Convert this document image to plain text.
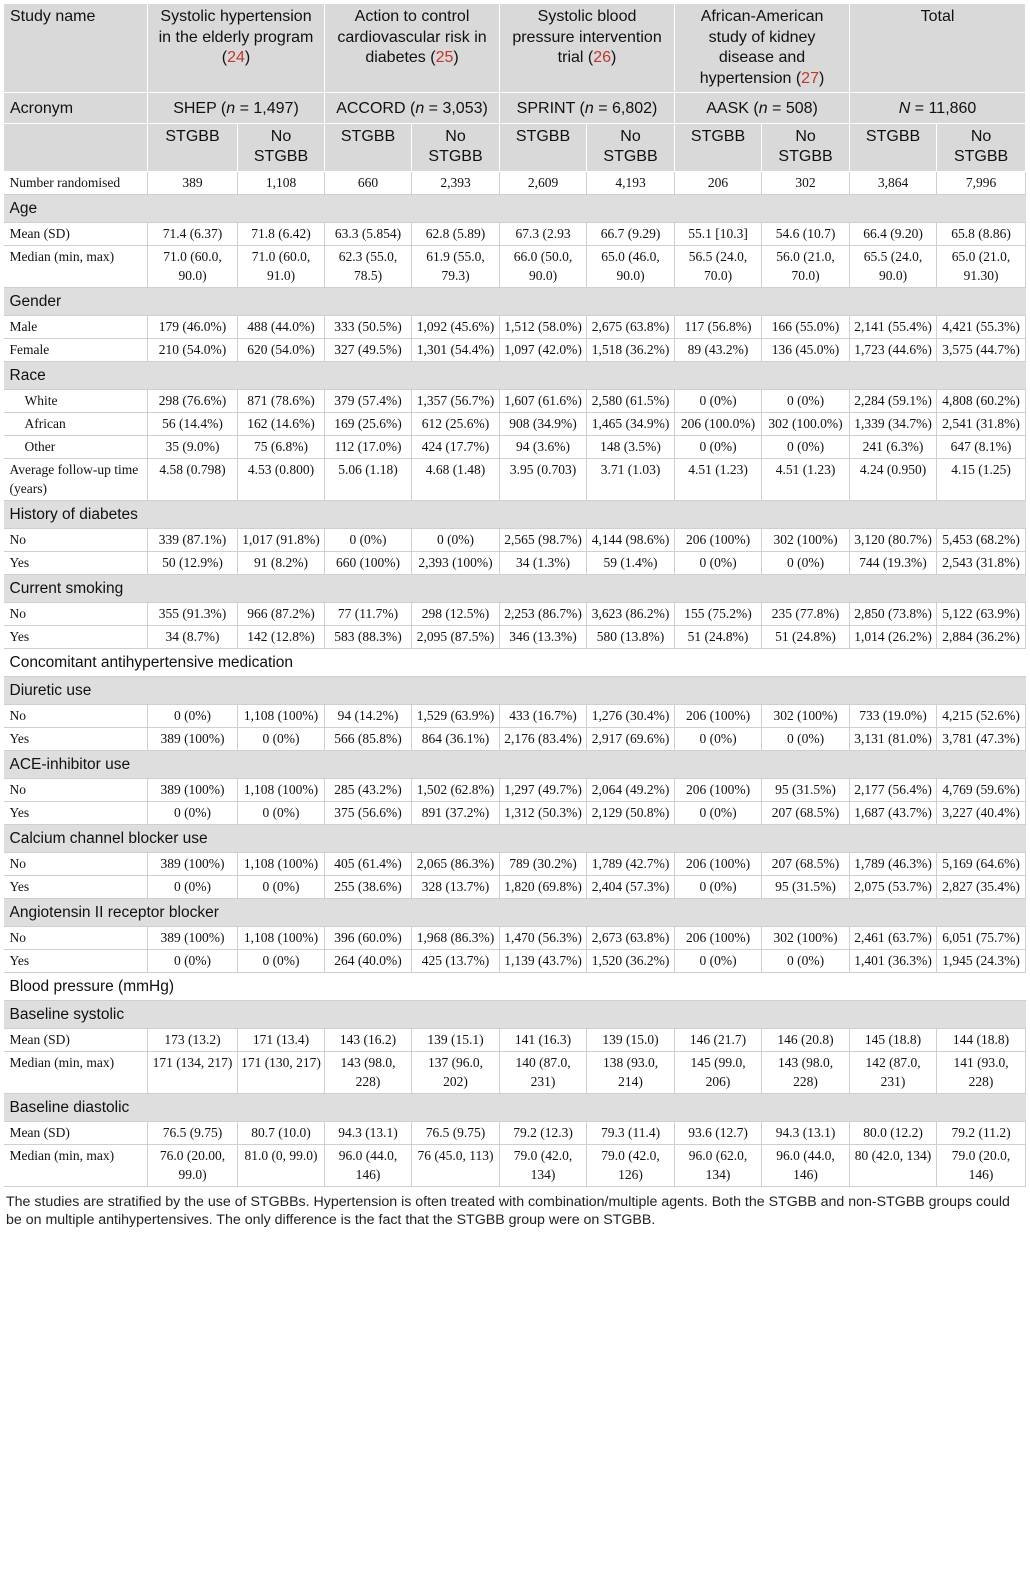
Study name	Systolic hypertension in the elderly program (24)		Action to control cardiovascular risk in diabetes (25)		Systolic blood pressure intervention trial (26)		African-American study of kidney disease and hypertension (27)		Total	
Acronym	SHEP (n = 1,497)		ACCORD (n = 3,053)		SPRINT (n = 6,802)		AASK (n = 508)		N = 11,860	
	STGBB	No STGBB	STGBB	No STGBB	STGBB	No STGBB	STGBB	No STGBB	STGBB	No STGBB
Number randomised	389	1,108	660	2,393	2,609	4,193	206	302	3,864	7,996
Age										
Mean (SD)	71.4 (6.37)	71.8 (6.42)	63.3 (5.854)	62.8 (5.89)	67.3 (2.93	66.7 (9.29)	55.1 [10.3]	54.6 (10.7)	66.4 (9.20)	65.8 (8.86)
Median (min, max)	71.0 (60.0, 90.0)	71.0 (60.0, 91.0)	62.3 (55.0, 78.5)	61.9 (55.0, 79.3)	66.0 (50.0, 90.0)	65.0 (46.0, 90.0)	56.5 (24.0, 70.0)	56.0 (21.0, 70.0)	65.5 (24.0, 90.0)	65.0 (21.0, 91.30)
Gender										
Male	179 (46.0%)	488 (44.0%)	333 (50.5%)	1,092 (45.6%)	1,512 (58.0%)	2,675 (63.8%)	117 (56.8%)	166 (55.0%)	2,141 (55.4%)	4,421 (55.3%)
Female	210 (54.0%)	620 (54.0%)	327 (49.5%)	1,301 (54.4%)	1,097 (42.0%)	1,518 (36.2%)	89 (43.2%)	136 (45.0%)	1,723 (44.6%)	3,575 (44.7%)
Race										
White	298 (76.6%)	871 (78.6%)	379 (57.4%)	1,357 (56.7%)	1,607 (61.6%)	2,580 (61.5%)	0 (0%)	0 (0%)	2,284 (59.1%)	4,808 (60.2%)
African	56 (14.4%)	162 (14.6%)	169 (25.6%)	612 (25.6%)	908 (34.9%)	1,465 (34.9%)	206 (100.0%)	302 (100.0%)	1,339 (34.7%)	2,541 (31.8%)
Other	35 (9.0%)	75 (6.8%)	112 (17.0%)	424 (17.7%)	94 (3.6%)	148 (3.5%)	0 (0%)	0 (0%)	241 (6.3%)	647 (8.1%)
Average follow-up time (years)	4.58 (0.798)	4.53 (0.800)	5.06 (1.18)	4.68 (1.48)	3.95 (0.703)	3.71 (1.03)	4.51 (1.23)	4.51 (1.23)	4.24 (0.950)	4.15 (1.25)
History of diabetes										
No	339 (87.1%)	1,017 (91.8%)	0 (0%)	0 (0%)	2,565 (98.7%)	4,144 (98.6%)	206 (100%)	302 (100%)	3,120 (80.7%)	5,453 (68.2%)
Yes	50 (12.9%)	91 (8.2%)	660 (100%)	2,393 (100%)	34 (1.3%)	59 (1.4%)	0 (0%)	0 (0%)	744 (19.3%)	2,543 (31.8%)
Current smoking										
No	355 (91.3%)	966 (87.2%)	77 (11.7%)	298 (12.5%)	2,253 (86.7%)	3,623 (86.2%)	155 (75.2%)	235 (77.8%)	2,850 (73.8%)	5,122 (63.9%)
Yes	34 (8.7%)	142 (12.8%)	583 (88.3%)	2,095 (87.5%)	346 (13.3%)	580 (13.8%)	51 (24.8%)	51 (24.8%)	1,014 (26.2%)	2,884 (36.2%)
Concomitant antihypertensive medication										
Diuretic use										
No	0 (0%)	1,108 (100%)	94 (14.2%)	1,529 (63.9%)	433 (16.7%)	1,276 (30.4%)	206 (100%)	302 (100%)	733 (19.0%)	4,215 (52.6%)
Yes	389 (100%)	0 (0%)	566 (85.8%)	864 (36.1%)	2,176 (83.4%)	2,917 (69.6%)	0 (0%)	0 (0%)	3,131 (81.0%)	3,781 (47.3%)
ACE-inhibitor use										
No	389 (100%)	1,108 (100%)	285 (43.2%)	1,502 (62.8%)	1,297 (49.7%)	2,064 (49.2%)	206 (100%)	95 (31.5%)	2,177 (56.4%)	4,769 (59.6%)
Yes	0 (0%)	0 (0%)	375 (56.6%)	891 (37.2%)	1,312 (50.3%)	2,129 (50.8%)	0 (0%)	207 (68.5%)	1,687 (43.7%)	3,227 (40.4%)
Calcium channel blocker use										
No	389 (100%)	1,108 (100%)	405 (61.4%)	2,065 (86.3%)	789 (30.2%)	1,789 (42.7%)	206 (100%)	207 (68.5%)	1,789 (46.3%)	5,169 (64.6%)
Yes	0 (0%)	0 (0%)	255 (38.6%)	328 (13.7%)	1,820 (69.8%)	2,404 (57.3%)	0 (0%)	95 (31.5%)	2,075 (53.7%)	2,827 (35.4%)
Angiotensin II receptor blocker										
No	389 (100%)	1,108 (100%)	396 (60.0%)	1,968 (86.3%)	1,470 (56.3%)	2,673 (63.8%)	206 (100%)	302 (100%)	2,461 (63.7%)	6,051 (75.7%)
Yes	0 (0%)	0 (0%)	264 (40.0%)	425 (13.7%)	1,139 (43.7%)	1,520 (36.2%)	0 (0%)	0 (0%)	1,401 (36.3%)	1,945 (24.3%)
Blood pressure (mmHg)										
Baseline systolic										
Mean (SD)	173 (13.2)	171 (13.4)	143 (16.2)	139 (15.1)	141 (16.3)	139 (15.0)	146 (21.7)	146 (20.8)	145 (18.8)	144 (18.8)
Median (min, max)	171 (134, 217)	171 (130, 217)	143 (98.0, 228)	137 (96.0, 202)	140 (87.0, 231)	138 (93.0, 214)	145 (99.0, 206)	143 (98.0, 228)	142 (87.0, 231)	141 (93.0, 228)
Baseline diastolic										
Mean (SD)	76.5 (9.75)	80.7 (10.0)	94.3 (13.1)	76.5 (9.75)	79.2 (12.3)	79.3 (11.4)	93.6 (12.7)	94.3 (13.1)	80.0 (12.2)	79.2 (11.2)
Median (min, max)	76.0 (20.00, 99.0)	81.0 (0, 99.0)	96.0 (44.0, 146)	76 (45.0, 113)	79.0 (42.0, 134)	79.0 (42.0, 126)	96.0 (62.0, 134)	96.0 (44.0, 146)	80 (42.0, 134)	79.0 (20.0, 146)
The studies are stratified by the use of STGBBs. Hypertension is often treated with combination/multiple agents. Both the STGBB and non-STGBB groups could be on multiple antihypertensives. The only difference is the fact that the STGBB group were on STGBB.
